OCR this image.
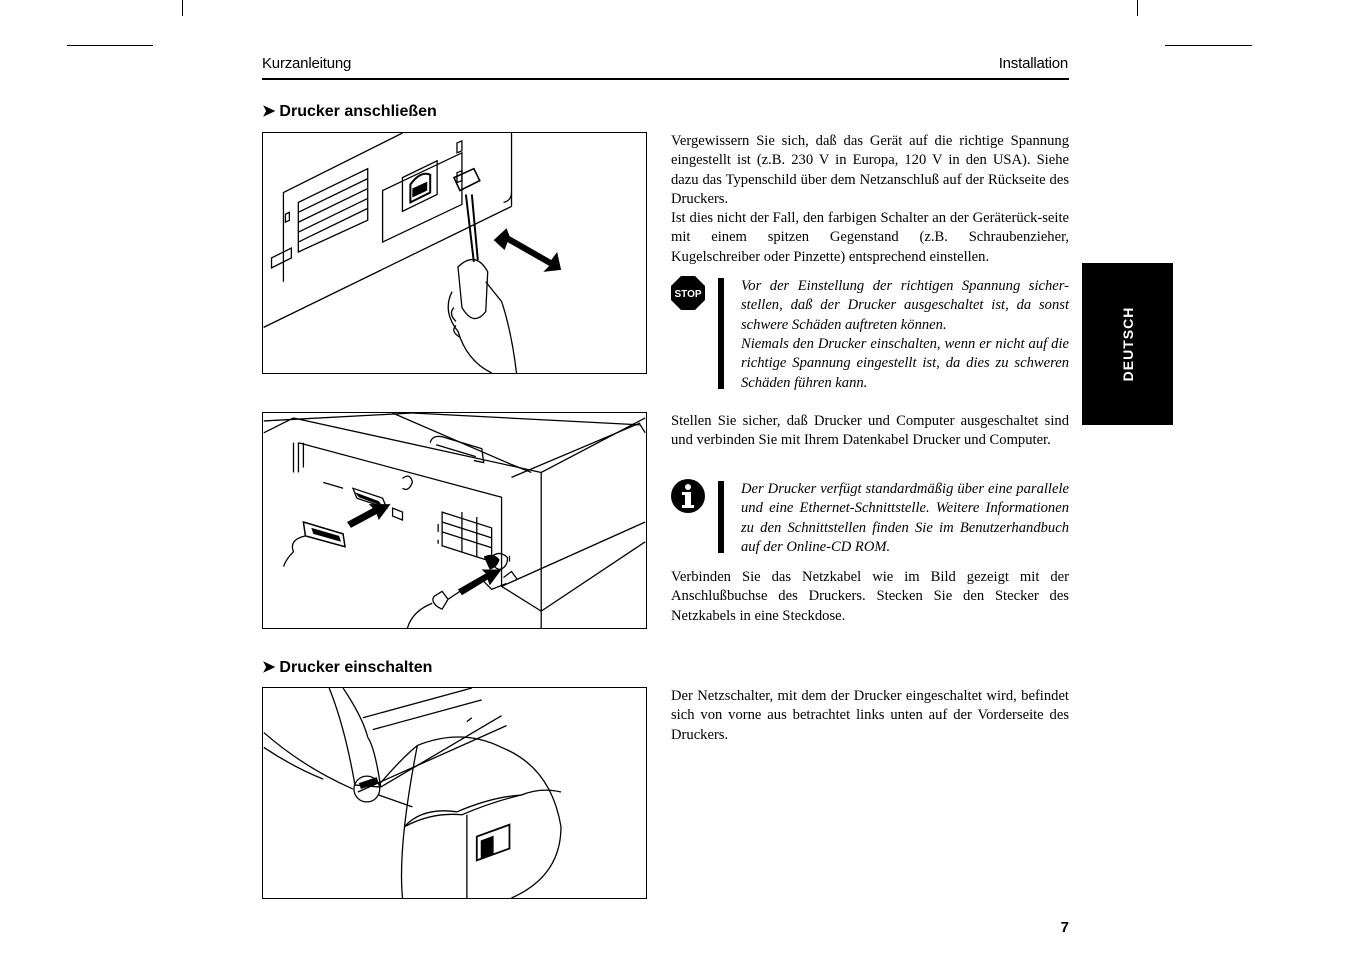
Kurzanleitung	Installation
➤ Drucker anschließen

Vergewissern Sie sich, daß das Gerät auf die richtige Spannung eingestellt ist (z.B. 230 V in Europa, 120 V in den USA). Siehe dazu das Typenschild über dem Netzanschluß auf der Rückseite des Druckers.

Ist dies nicht der Fall, den farbigen Schalter an der Geräterück-seite mit einem spitzen Gegenstand (z.B. Schraubenzieher, Kugelschreiber oder Pinzette) entsprechend einstellen.

STOP

Vor der Einstellung der richtigen Spannung sicher-stellen, daß der Drucker ausgeschaltet ist, da sonst schwere Schäden auftreten können.

Niemals den Drucker einschalten, wenn er nicht auf die richtige Spannung eingestellt ist, da dies zu schweren Schäden führen kann.

Stellen Sie sicher, daß Drucker und Computer ausgeschaltet sind und verbinden Sie mit Ihrem Datenkabel Drucker und Computer.

Der Drucker verfügt standardmäßig über eine parallele und eine Ethernet-Schnittstelle. Weitere Informationen zu den Schnittstellen finden Sie im Benutzerhandbuch auf der Online-CD ROM.

Verbinden Sie das Netzkabel wie im Bild gezeigt mit der Anschlußbuchse des Druckers. Stecken Sie den Stecker des Netzkabels in eine Steckdose.

➤ Drucker einschalten

Der Netzschalter, mit dem der Drucker eingeschaltet wird, befindet sich von vorne aus betrachtet links unten auf der Vorderseite des Druckers.

DEUTSCH
7
